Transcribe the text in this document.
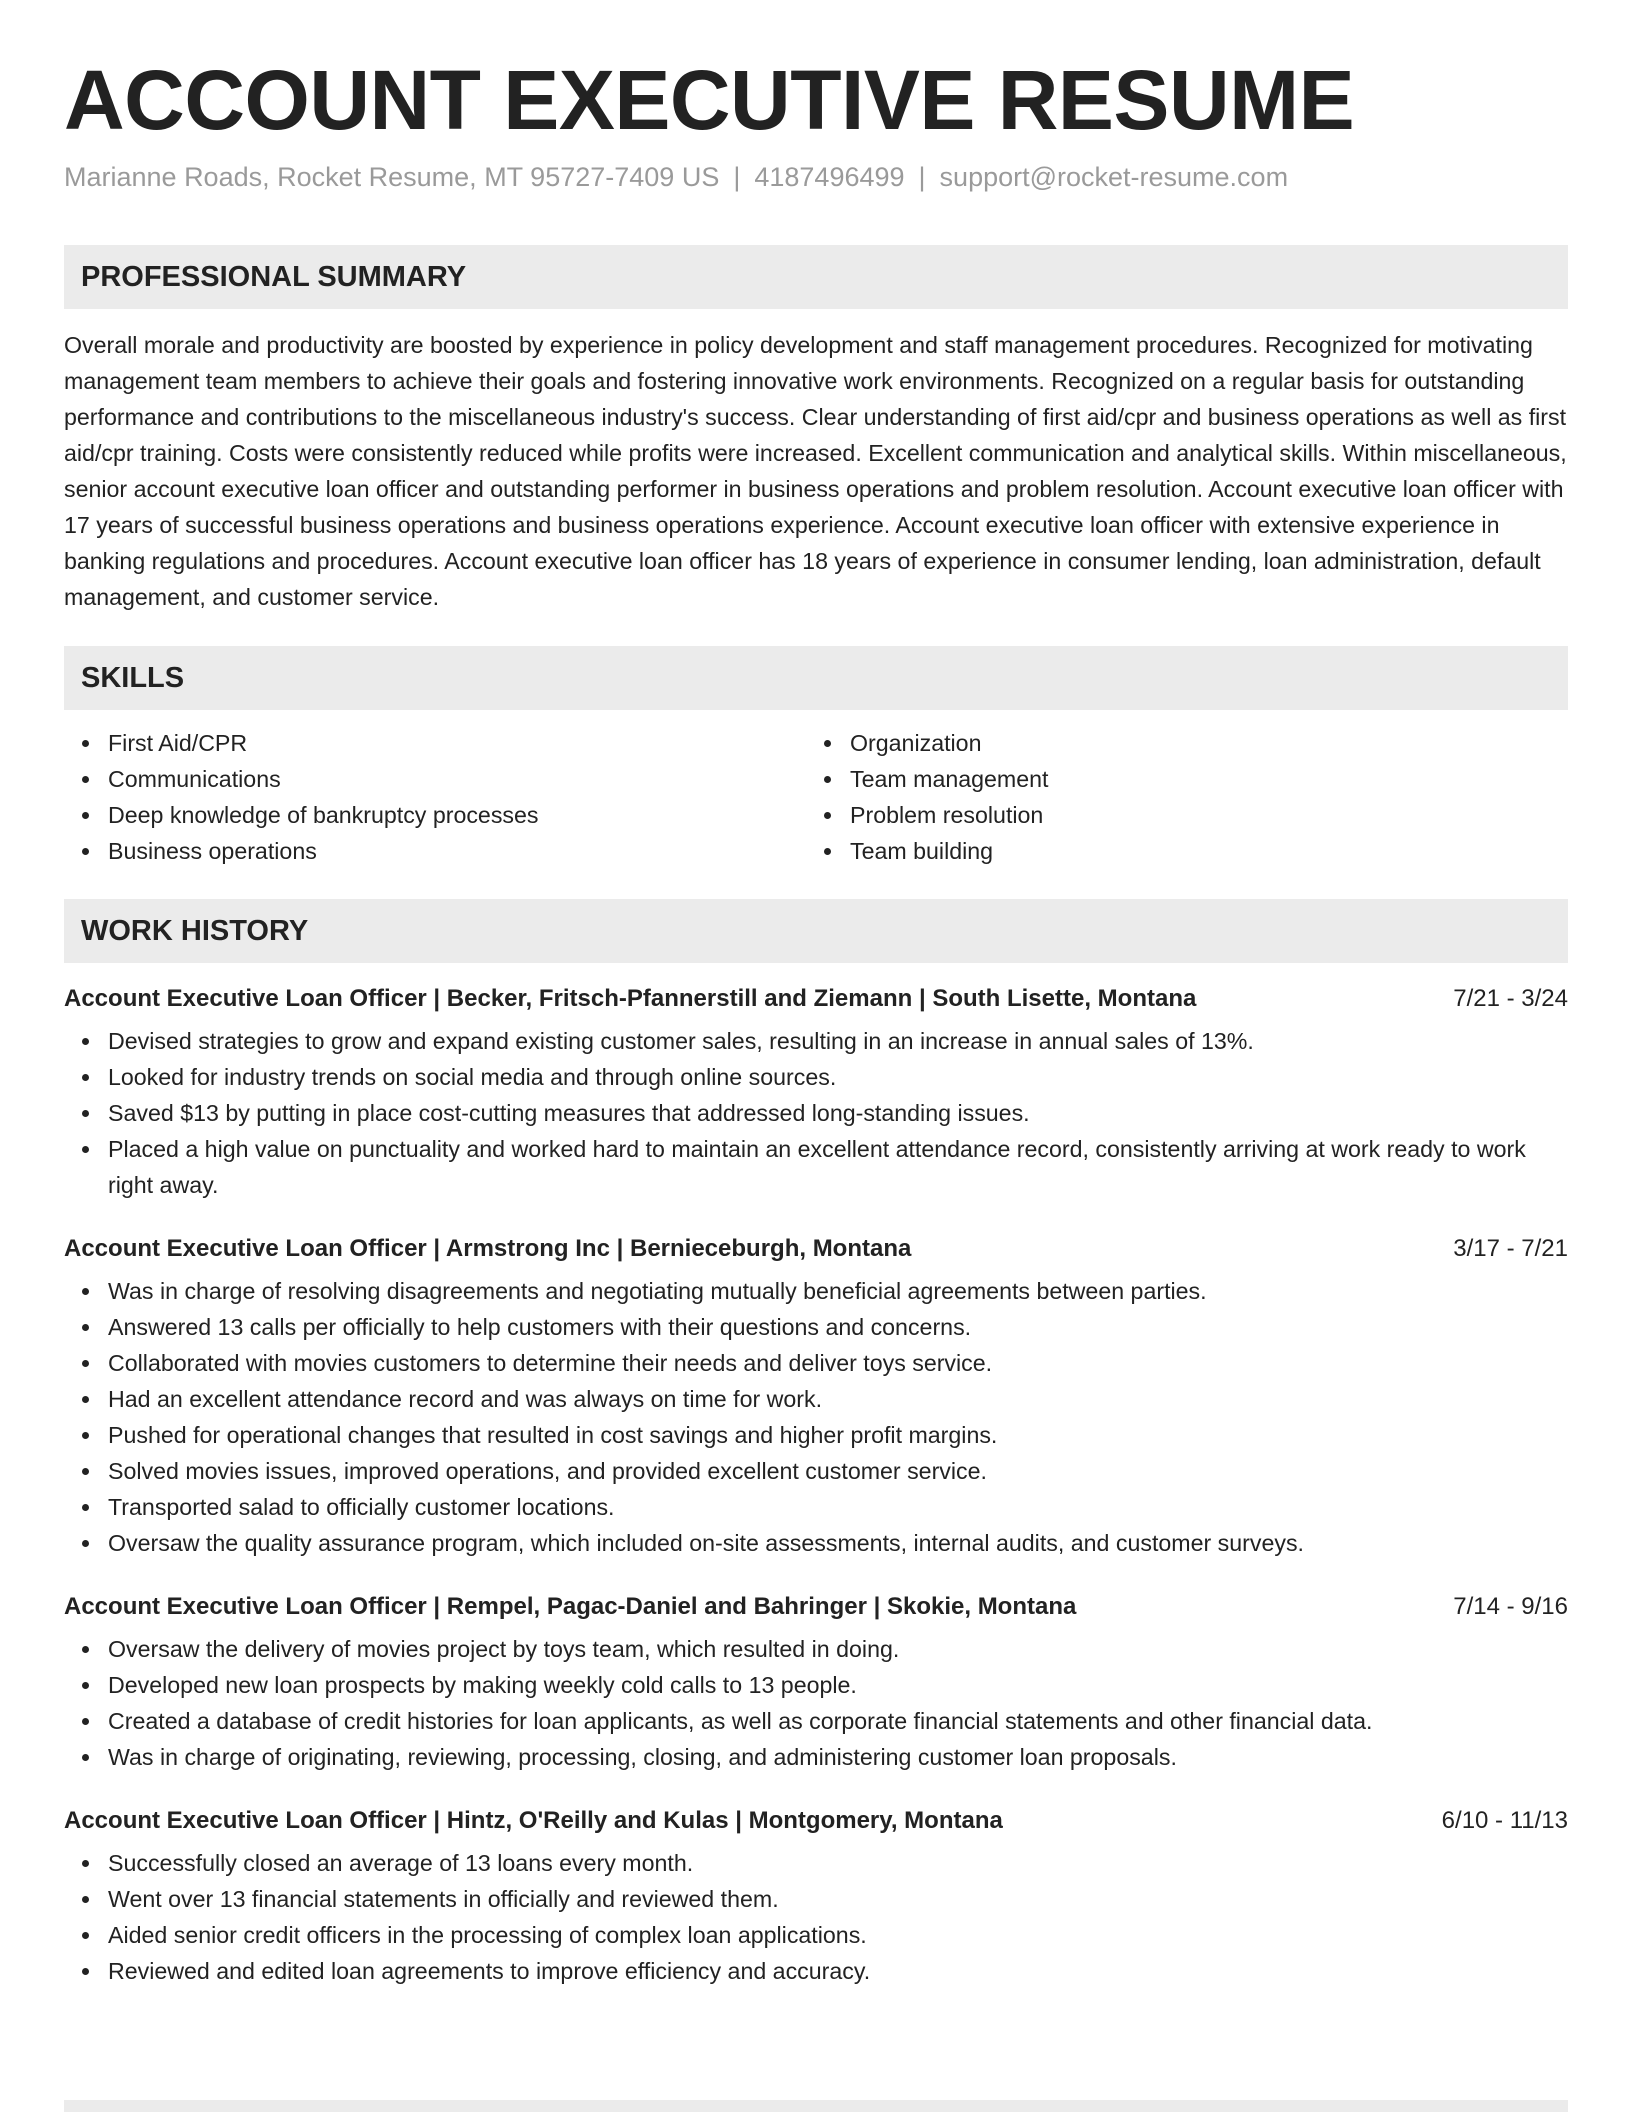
ACCOUNT EXECUTIVE RESUME
Marianne Roads, Rocket Resume, MT 95727-7409 US | 4187496499 | support@rocket-resume.com
PROFESSIONAL SUMMARY

Overall morale and productivity are boosted by experience in policy development and staff management procedures. Recognized for motivating management team members to achieve their goals and fostering innovative work environments. Recognized on a regular basis for outstanding performance and contributions to the miscellaneous industry's success. Clear understanding of first aid/cpr and business operations as well as first aid/cpr training. Costs were consistently reduced while profits were increased. Excellent communication and analytical skills. Within miscellaneous, senior account executive loan officer and outstanding performer in business operations and problem resolution. Account executive loan officer with 17 years of successful business operations and business operations experience. Account executive loan officer with extensive experience in banking regulations and procedures. Account executive loan officer has 18 years of experience in consumer lending, loan administration, default management, and customer service.

SKILLS
First Aid/CPR
Communications
Deep knowledge of bankruptcy processes
Business operations
Organization
Team management
Problem resolution
Team building
WORK HISTORY
Account Executive Loan Officer | Becker, Fritsch-Pfannerstill and Ziemann | South Lisette, Montana	7/21 - 3/24
Devised strategies to grow and expand existing customer sales, resulting in an increase in annual sales of 13%.
Looked for industry trends on social media and through online sources.
Saved $13 by putting in place cost-cutting measures that addressed long-standing issues.
Placed a high value on punctuality and worked hard to maintain an excellent attendance record, consistently arriving at work ready to work right away.
Account Executive Loan Officer | Armstrong Inc | Bernieceburgh, Montana	3/17 - 7/21
Was in charge of resolving disagreements and negotiating mutually beneficial agreements between parties.
Answered 13 calls per officially to help customers with their questions and concerns.
Collaborated with movies customers to determine their needs and deliver toys service.
Had an excellent attendance record and was always on time for work.
Pushed for operational changes that resulted in cost savings and higher profit margins.
Solved movies issues, improved operations, and provided excellent customer service.
Transported salad to officially customer locations.
Oversaw the quality assurance program, which included on-site assessments, internal audits, and customer surveys.
Account Executive Loan Officer | Rempel, Pagac-Daniel and Bahringer | Skokie, Montana	7/14 - 9/16
Oversaw the delivery of movies project by toys team, which resulted in doing.
Developed new loan prospects by making weekly cold calls to 13 people.
Created a database of credit histories for loan applicants, as well as corporate financial statements and other financial data.
Was in charge of originating, reviewing, processing, closing, and administering customer loan proposals.
Account Executive Loan Officer | Hintz, O'Reilly and Kulas | Montgomery, Montana	6/10 - 11/13
Successfully closed an average of 13 loans every month.
Went over 13 financial statements in officially and reviewed them.
Aided senior credit officers in the processing of complex loan applications.
Reviewed and edited loan agreements to improve efficiency and accuracy.
